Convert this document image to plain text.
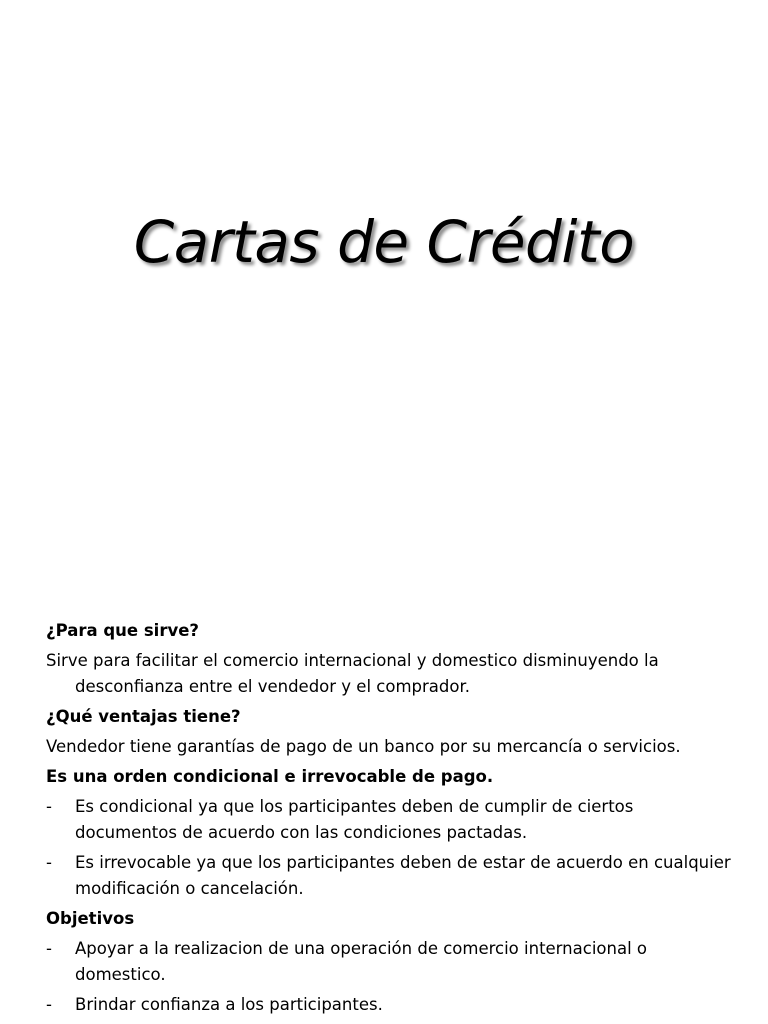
Cartas de Crédito

¿Para que sirve?

Sirve para facilitar el comercio internacional y domestico disminuyendo la desconfianza entre el vendedor y el comprador.

¿Qué ventajas tiene?

Vendedor tiene garantías de pago de un banco por su mercancía o servicios.

Es una orden condicional e irrevocable de pago.

- Es condicional ya que los participantes deben de cumplir de ciertos documentos de acuerdo con las condiciones pactadas.
- Es irrevocable ya que los participantes deben de estar de acuerdo en cualquier modificación o cancelación.

Objetivos

- Apoyar a la realizacion de una operación de comercio internacional o domestico.
- Brindar confianza a los participantes.
